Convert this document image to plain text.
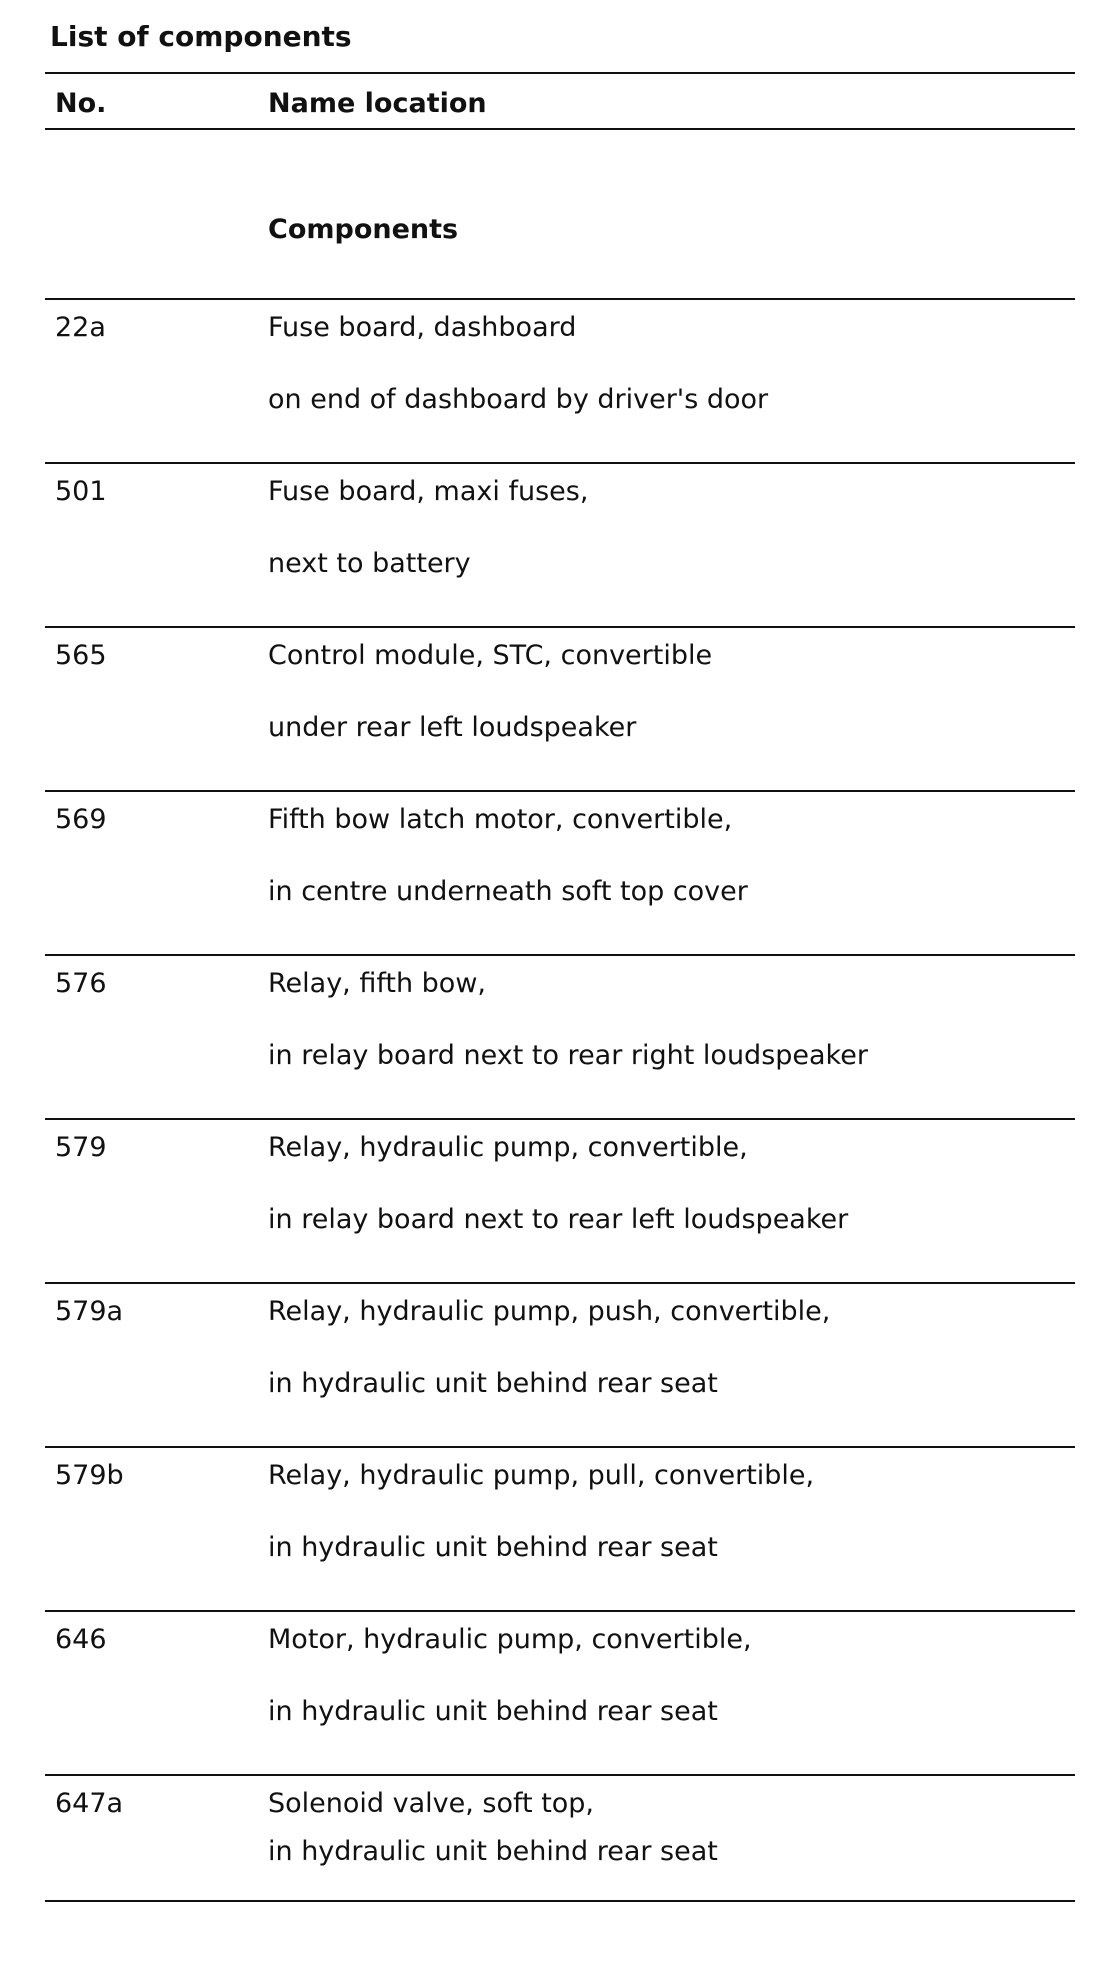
List of components
No.	Name location
Components
22a	Fuse board, dashboard
on end of dashboard by driver's door
501	Fuse board, maxi fuses,
next to battery
565	Control module, STC, convertible
under rear left loudspeaker
569	Fifth bow latch motor, convertible,
in centre underneath soft top cover
576	Relay, fifth bow,
in relay board next to rear right loudspeaker
579	Relay, hydraulic pump, convertible,
in relay board next to rear left loudspeaker
579a	Relay, hydraulic pump, push, convertible,
in hydraulic unit behind rear seat
579b	Relay, hydraulic pump, pull, convertible,
in hydraulic unit behind rear seat
646	Motor, hydraulic pump, convertible,
in hydraulic unit behind rear seat
647a	Solenoid valve, soft top,
in hydraulic unit behind rear seat
